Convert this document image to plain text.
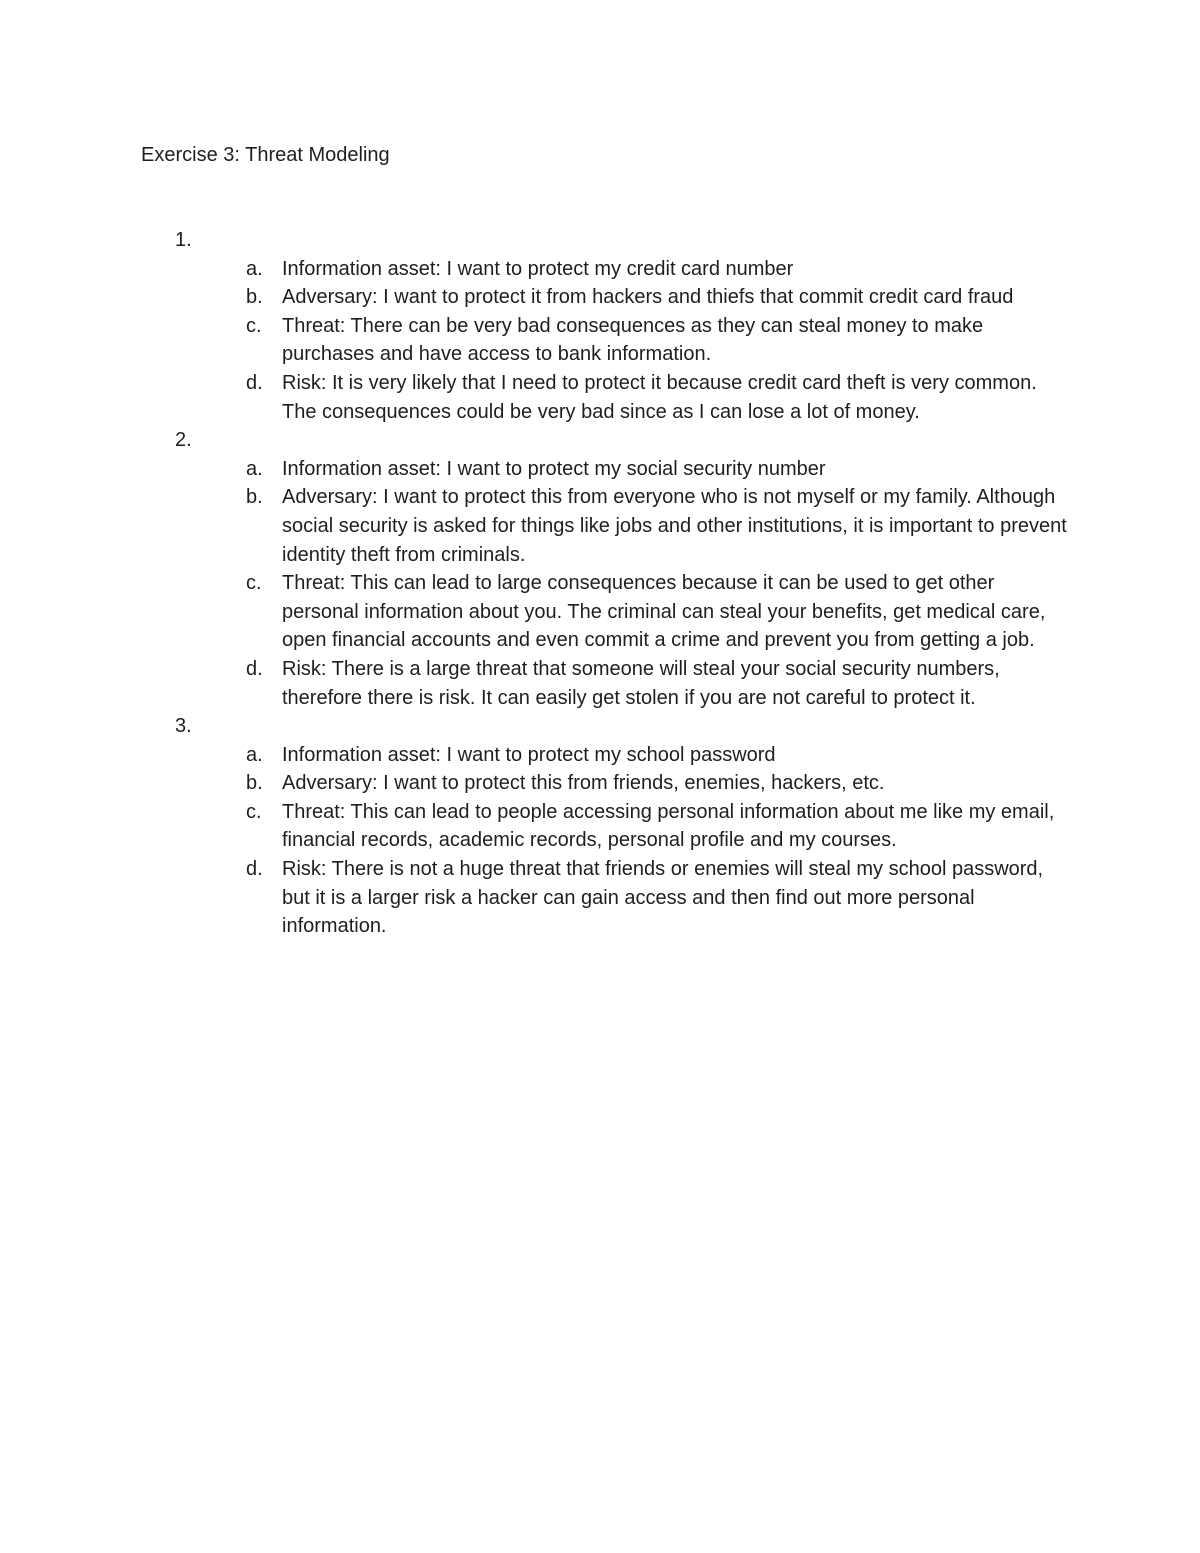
Exercise 3: Threat Modeling
1.
a. Information asset: I want to protect my credit card number
b. Adversary: I want to protect it from hackers and thiefs that commit credit card fraud
c. Threat: There can be very bad consequences as they can steal money to make purchases and have access to bank information.
d. Risk: It is very likely that I need to protect it because credit card theft is very common. The consequences could be very bad since as I can lose a lot of money.
2.
a. Information asset: I want to protect my social security number
b. Adversary: I want to protect this from everyone who is not myself or my family. Although social security is asked for things like jobs and other institutions, it is important to prevent identity theft from criminals.
c. Threat: This can lead to large consequences because it can be used to get other personal information about you. The criminal can steal your benefits, get medical care, open financial accounts and even commit a crime and prevent you from getting a job.
d. Risk: There is a large threat that someone will steal your social security numbers, therefore there is risk. It can easily get stolen if you are not careful to protect it.
3.
a. Information asset: I want to protect my school password
b. Adversary: I want to protect this from friends, enemies, hackers, etc.
c. Threat: This can lead to people accessing personal information about me like my email, financial records, academic records, personal profile and my courses.
d. Risk: There is not a huge threat that friends or enemies will steal my school password, but it is a larger risk a hacker can gain access and then find out more personal information.
